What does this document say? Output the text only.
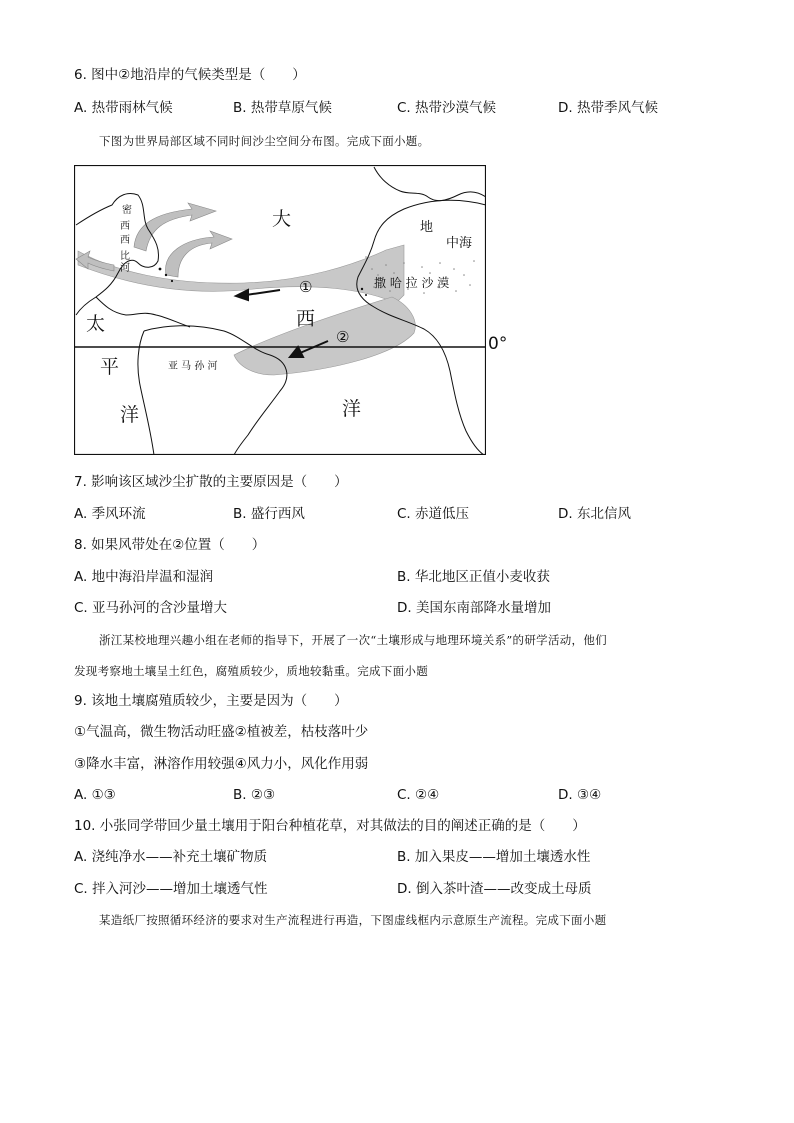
6. 图中②地沿岸的气候类型是（　　）
A. 热带雨林气候	B. 热带草原气候	C. 热带沙漠气候	D. 热带季风气候
下图为世界局部区域不同时间沙尘空间分布图。完成下面小题。
①
②
大
西
洋
太
平
洋
密
西
西
比
河
亚 马 孙 河
地
中海
撒 哈 拉 沙 漠
0°
7. 影响该区域沙尘扩散的主要原因是（　　）
A. 季风环流	B. 盛行西风	C. 赤道低压	D. 东北信风
8. 如果风带处在②位置（　　）
A. 地中海沿岸温和湿润	B. 华北地区正值小麦收获
C. 亚马孙河的含沙量增大	D. 美国东南部降水量增加
浙江某校地理兴趣小组在老师的指导下，开展了一次“土壤形成与地理环境关系”的研学活动，他们
发现考察地土壤呈土红色，腐殖质较少，质地较黏重。完成下面小题
9. 该地土壤腐殖质较少，主要是因为（　　）
①气温高，微生物活动旺盛②植被差，枯枝落叶少
③降水丰富，淋溶作用较强④风力小，风化作用弱
A. ①③	B. ②③	C. ②④	D. ③④
10. 小张同学带回少量土壤用于阳台种植花草，对其做法的目的阐述正确的是（　　）
A. 浇纯净水——补充土壤矿物质	B. 加入果皮——增加土壤透水性
C. 拌入河沙——增加土壤透气性	D. 倒入茶叶渣——改变成土母质
某造纸厂按照循环经济的要求对生产流程进行再造，下图虚线框内示意原生产流程。完成下面小题
